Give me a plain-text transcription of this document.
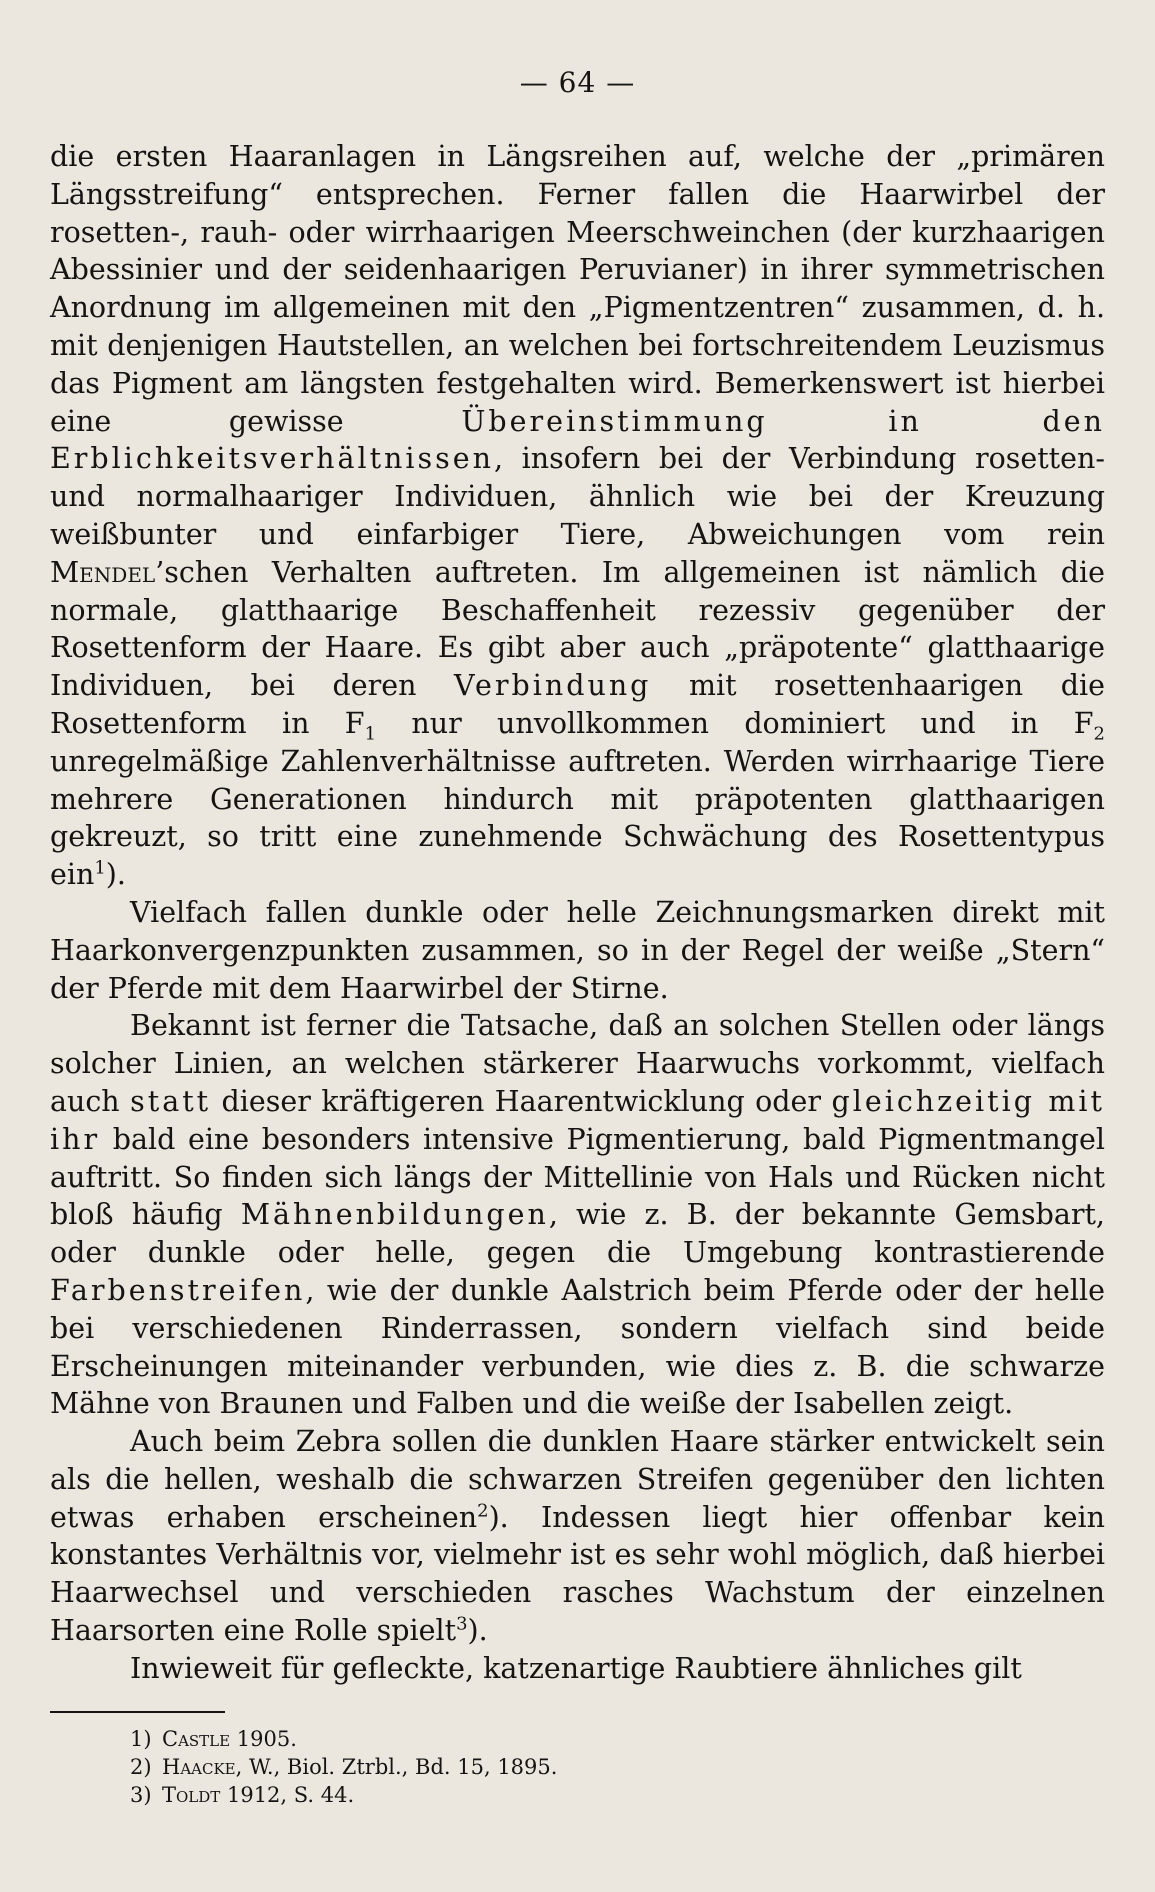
— 64 —

die ersten Haaranlagen in Längsreihen auf, welche der „primären Längsstreifung“ entsprechen. Ferner fallen die Haarwirbel der rosetten-, rauh- oder wirrhaarigen Meerschweinchen (der kurzhaarigen Abessinier und der seidenhaarigen Peruvianer) in ihrer symmetrischen Anordnung im allgemeinen mit den „Pigmentzentren“ zusammen, d. h. mit denjenigen Hautstellen, an welchen bei fortschreitendem Leuzismus das Pigment am längsten festgehalten wird. Bemerkenswert ist hierbei eine gewisse Übereinstimmung in den Erblichkeitsverhältnissen, insofern bei der Verbindung rosetten- und normalhaariger Individuen, ähnlich wie bei der Kreuzung weißbunter und einfarbiger Tiere, Abweichungen vom rein Mendel’schen Verhalten auftreten. Im allgemeinen ist nämlich die normale, glatthaarige Beschaffenheit rezessiv gegenüber der Rosettenform der Haare. Es gibt aber auch „präpotente“ glatthaarige Individuen, bei deren Verbindung mit rosettenhaarigen die Rosettenform in $F_1$ nur unvollkommen dominiert und in $F_2$ unregelmäßige Zahlenverhältnisse auftreten. Werden wirrhaarige Tiere mehrere Generationen hindurch mit präpotenten glatthaarigen gekreuzt, so tritt eine zunehmende Schwächung des Rosettentypus ein$^1$).

Vielfach fallen dunkle oder helle Zeichnungsmarken direkt mit Haarkonvergenzpunkten zusammen, so in der Regel der weiße „Stern“ der Pferde mit dem Haarwirbel der Stirne.

Bekannt ist ferner die Tatsache, daß an solchen Stellen oder längs solcher Linien, an welchen stärkerer Haarwuchs vorkommt, vielfach auch statt dieser kräftigeren Haarentwicklung oder gleichzeitig mit ihr bald eine besonders intensive Pigmentierung, bald Pigmentmangel auftritt. So finden sich längs der Mittellinie von Hals und Rücken nicht bloß häufig Mähnenbildungen, wie z. B. der bekannte Gemsbart, oder dunkle oder helle, gegen die Umgebung kontrastierende Farbenstreifen, wie der dunkle Aalstrich beim Pferde oder der helle bei verschiedenen Rinderrassen, sondern vielfach sind beide Erscheinungen miteinander verbunden, wie dies z. B. die schwarze Mähne von Braunen und Falben und die weiße der Isabellen zeigt.

Auch beim Zebra sollen die dunklen Haare stärker entwickelt sein als die hellen, weshalb die schwarzen Streifen gegenüber den lichten etwas erhaben erscheinen$^2$). Indessen liegt hier offenbar kein konstantes Verhältnis vor, vielmehr ist es sehr wohl möglich, daß hierbei Haarwechsel und verschieden rasches Wachstum der einzelnen Haarsorten eine Rolle spielt$^3$).

Inwieweit für gefleckte, katzenartige Raubtiere ähnliches gilt

1) Castle 1905.
2) Haacke, W., Biol. Ztrbl., Bd. 15, 1895.
3) Toldt 1912, S. 44.
